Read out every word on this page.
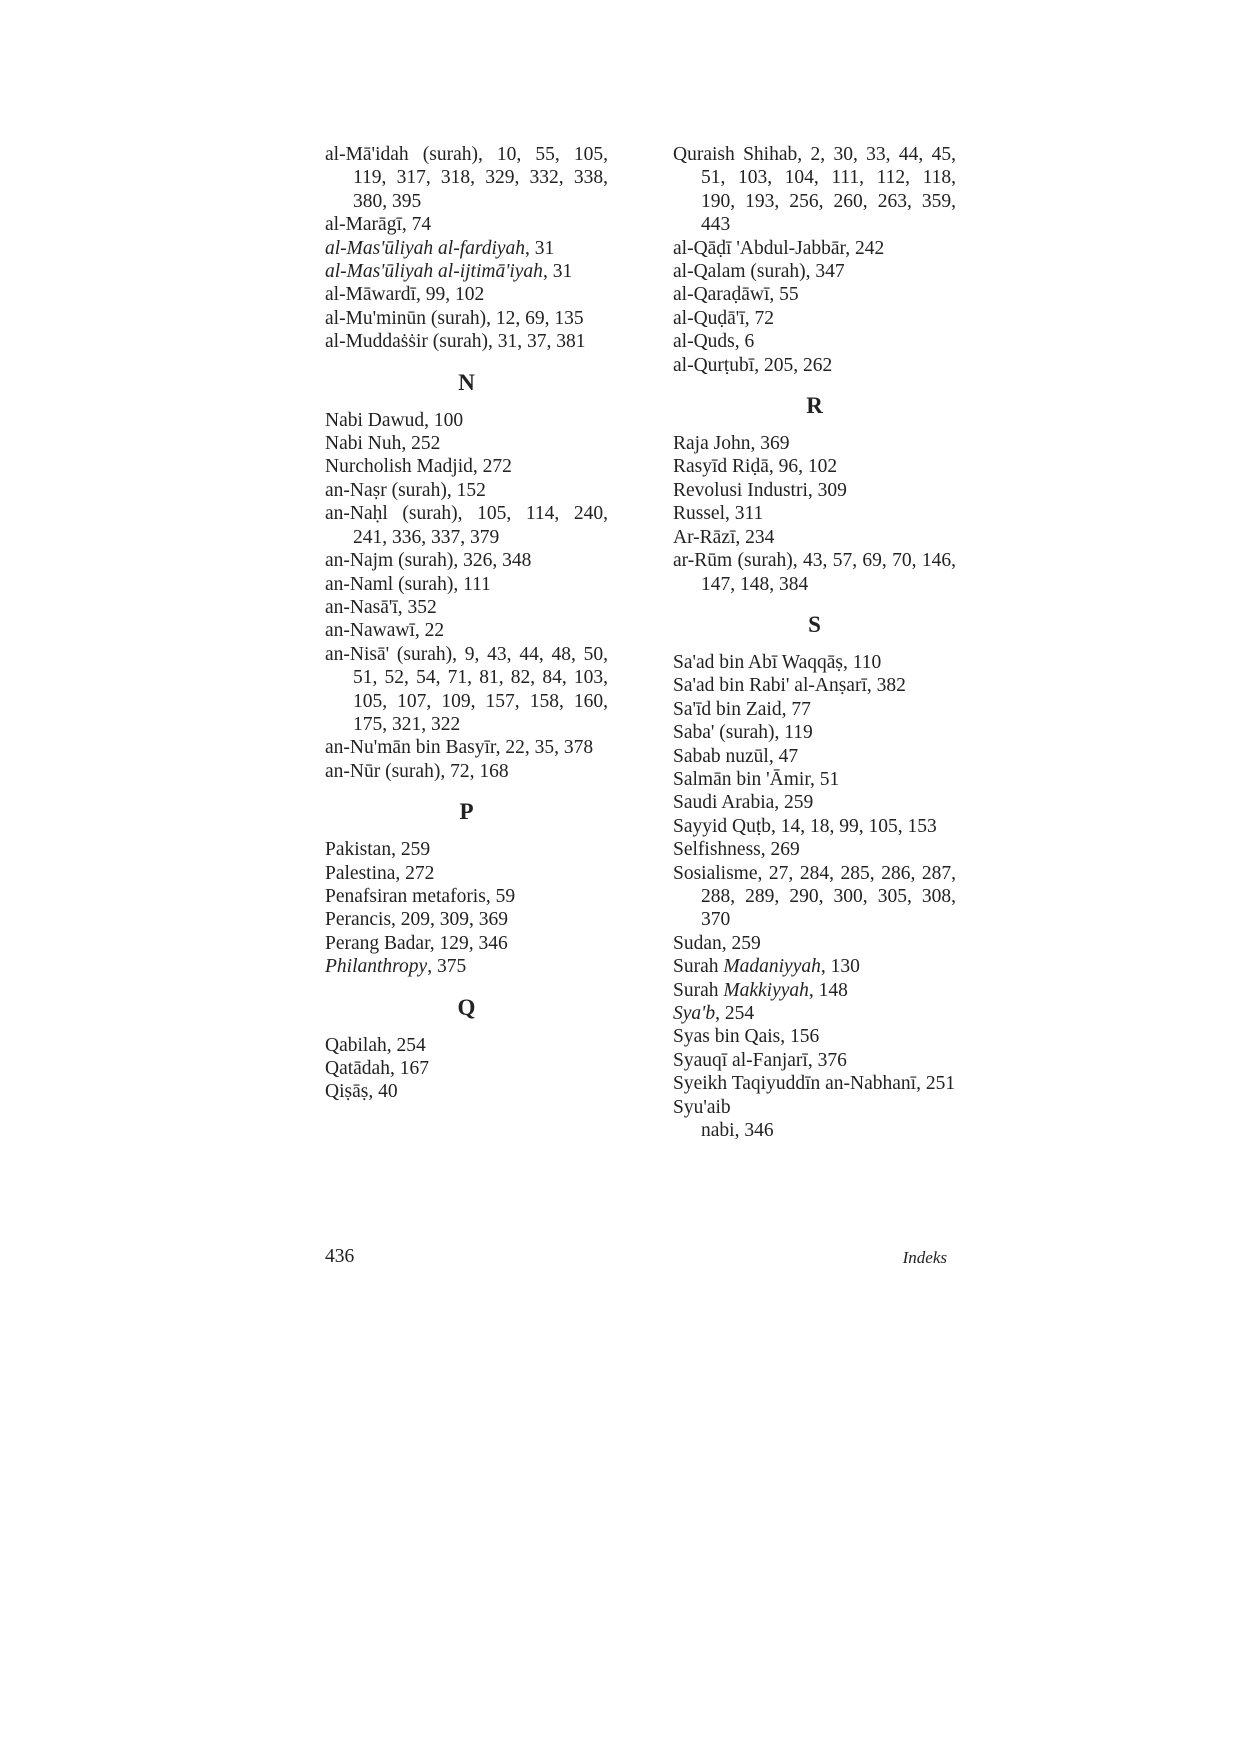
al-Mā'idah (surah), 10, 55, 105, 119, 317, 318, 329, 332, 338, 380, 395
al-Marāgī, 74
al-Mas'ūliyah al-fardiyah, 31
al-Mas'ūliyah al-ijtimā'iyah, 31
al-Māwardī, 99, 102
al-Mu'minūn (surah), 12, 69, 135
al-Muddaṡṡir (surah), 31, 37, 381
N
Nabi Dawud, 100
Nabi Nuh, 252
Nurcholish Madjid, 272
an-Naṣr (surah), 152
an-Naḥl (surah), 105, 114, 240, 241, 336, 337, 379
an-Najm (surah), 326, 348
an-Naml (surah), 111
an-Nasā'ī, 352
an-Nawawī, 22
an-Nisā' (surah), 9, 43, 44, 48, 50, 51, 52, 54, 71, 81, 82, 84, 103, 105, 107, 109, 157, 158, 160, 175, 321, 322
an-Nu'mān bin Basyīr, 22, 35, 378
an-Nūr (surah), 72, 168
P
Pakistan, 259
Palestina, 272
Penafsiran metaforis, 59
Perancis, 209, 309, 369
Perang Badar, 129, 346
Philanthropy, 375
Q
Qabilah, 254
Qatādah, 167
Qiṣāṣ, 40
Quraish Shihab, 2, 30, 33, 44, 45, 51, 103, 104, 111, 112, 118, 190, 193, 256, 260, 263, 359, 443
al-Qāḍī 'Abdul-Jabbār, 242
al-Qalam (surah), 347
al-Qaraḍāwī, 55
al-Quḍā'ī, 72
al-Quds, 6
al-Qurṭubī, 205, 262
R
Raja John, 369
Rasyīd Riḍā, 96, 102
Revolusi Industri, 309
Russel, 311
Ar-Rāzī, 234
ar-Rūm (surah), 43, 57, 69, 70, 146, 147, 148, 384
S
Sa'ad bin Abī Waqqāṣ, 110
Sa'ad bin Rabi' al-Anṣarī, 382
Sa'īd bin Zaid, 77
Saba' (surah), 119
Sabab nuzūl, 47
Salmān bin 'Āmir, 51
Saudi Arabia, 259
Sayyid Quṭb, 14, 18, 99, 105, 153
Selfishness, 269
Sosialisme, 27, 284, 285, 286, 287, 288, 289, 290, 300, 305, 308, 370
Sudan, 259
Surah Madaniyyah, 130
Surah Makkiyyah, 148
Sya'b, 254
Syas bin Qais, 156
Syauqī al-Fanjarī, 376
Syeikh Taqiyuddīn an-Nabhanī, 251
Syu'aib
nabi, 346
436	Indeks
